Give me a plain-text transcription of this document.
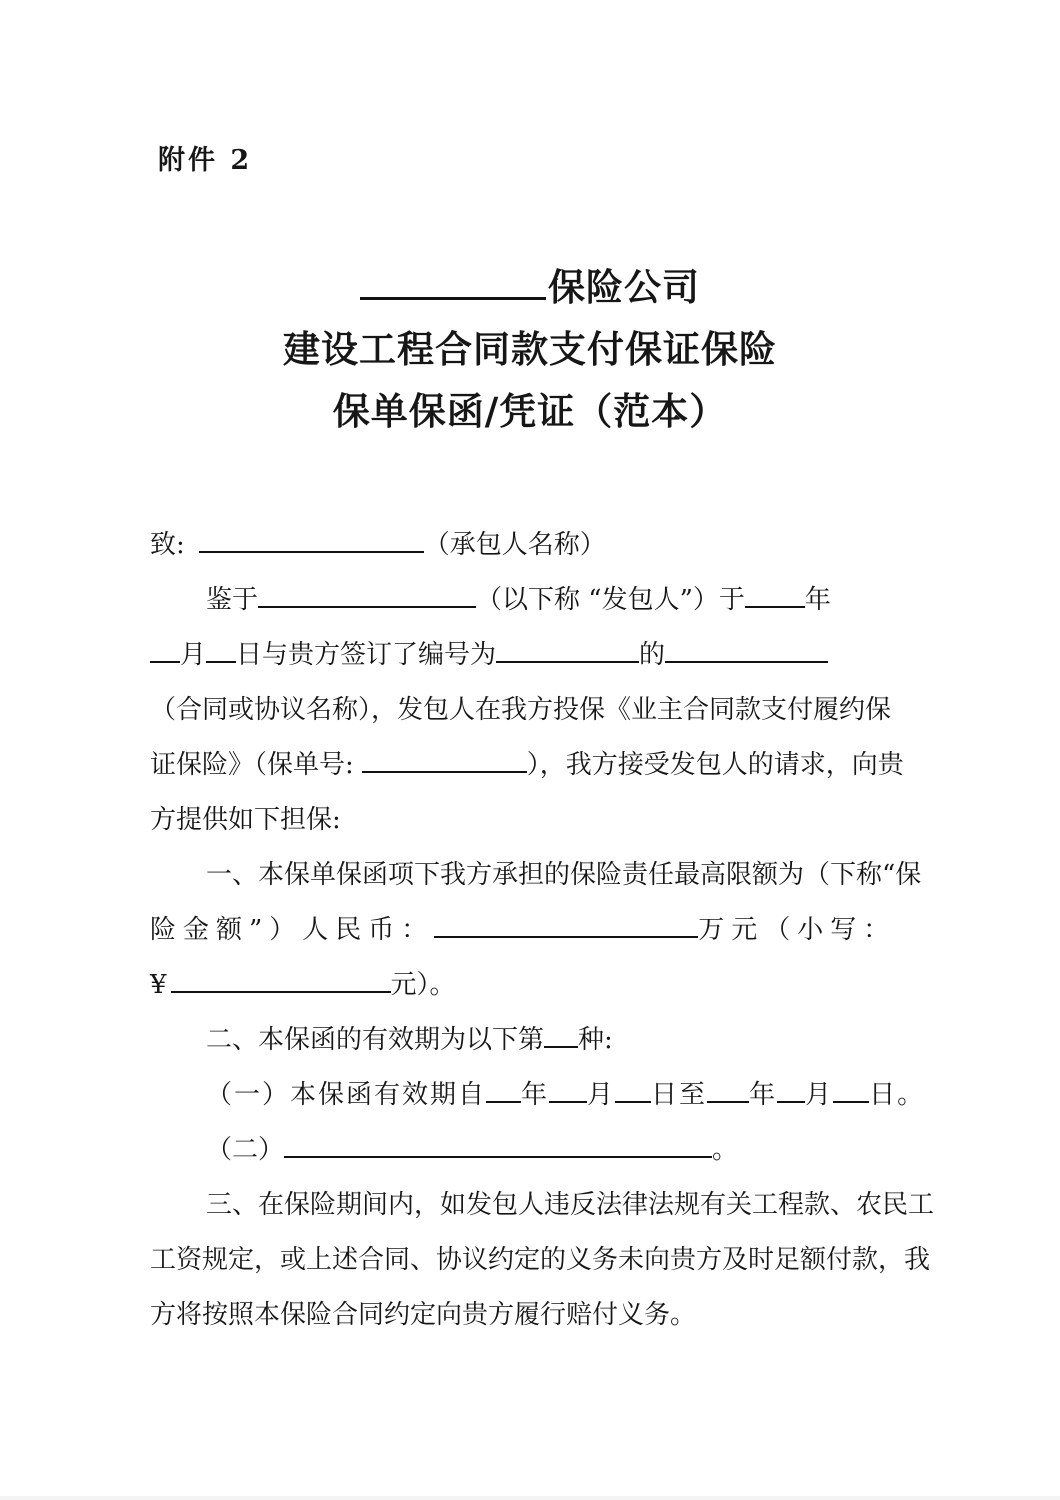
附件 2
保险公司
建设工程合同款支付保证保险
保单保函/凭证（范本）
致:	（承包人名称）
鉴于	（以下称 “发包人”）于 年
月 日与贵方签订了编号为	的
（合同或协议名称），发包人在我方投保《业主合同款支付履约保
证保险》（保单号:	），我方接受发包人的请求，向贵
方提供如下担保:
一、本保单保函项下我方承担的保险责任最高限额为（下称“保
险金额”）人民币：	万元（小写：
¥	元）。
二、本保函的有效期为以下第 种:
（一）本保函有效期自 年 月 日至 年 月 日。
（二）	。
三、在保险期间内，如发包人违反法律法规有关工程款、农民工
工资规定，或上述合同、协议约定的义务未向贵方及时足额付款，我
方将按照本保险合同约定向贵方履行赔付义务。
